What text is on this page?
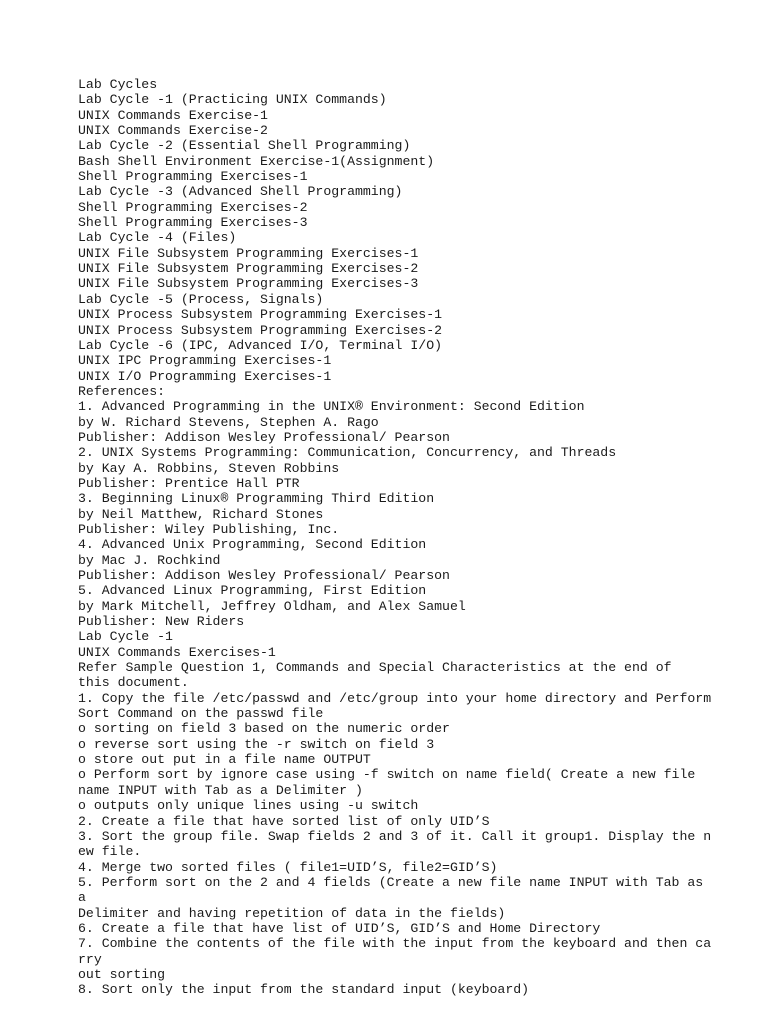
Lab Cycles
Lab Cycle -1 (Practicing UNIX Commands)
UNIX Commands Exercise-1
UNIX Commands Exercise-2
Lab Cycle -2 (Essential Shell Programming)
Bash Shell Environment Exercise-1(Assignment)
Shell Programming Exercises-1
Lab Cycle -3 (Advanced Shell Programming)
Shell Programming Exercises-2
Shell Programming Exercises-3
Lab Cycle -4 (Files)
UNIX File Subsystem Programming Exercises-1
UNIX File Subsystem Programming Exercises-2
UNIX File Subsystem Programming Exercises-3
Lab Cycle -5 (Process, Signals)
UNIX Process Subsystem Programming Exercises-1
UNIX Process Subsystem Programming Exercises-2
Lab Cycle -6 (IPC, Advanced I/O, Terminal I/O)
UNIX IPC Programming Exercises-1
UNIX I/O Programming Exercises-1
References:
1. Advanced Programming in the UNIX® Environment: Second Edition
by W. Richard Stevens, Stephen A. Rago
Publisher: Addison Wesley Professional/ Pearson
2. UNIX Systems Programming: Communication, Concurrency, and Threads
by Kay A. Robbins, Steven Robbins
Publisher: Prentice Hall PTR
3. Beginning Linux® Programming Third Edition
by Neil Matthew, Richard Stones
Publisher: Wiley Publishing, Inc.
4. Advanced Unix Programming, Second Edition
by Mac J. Rochkind
Publisher: Addison Wesley Professional/ Pearson
5. Advanced Linux Programming, First Edition
by Mark Mitchell, Jeffrey Oldham, and Alex Samuel
Publisher: New Riders
Lab Cycle -1
UNIX Commands Exercises-1
Refer Sample Question 1, Commands and Special Characteristics at the end of
this document.
1. Copy the file /etc/passwd and /etc/group into your home directory and Perform
Sort Command on the passwd file
o sorting on field 3 based on the numeric order
o reverse sort using the -r switch on field 3
o store out put in a file name OUTPUT
o Perform sort by ignore case using -f switch on name field( Create a new file
name INPUT with Tab as a Delimiter )
o outputs only unique lines using -u switch
2. Create a file that have sorted list of only UID’S
3. Sort the group file. Swap fields 2 and 3 of it. Call it group1. Display the n
ew file.
4. Merge two sorted files ( file1=UID’S, file2=GID’S)
5. Perform sort on the 2 and 4 fields (Create a new file name INPUT with Tab as
a
Delimiter and having repetition of data in the fields)
6. Create a file that have list of UID’S, GID’S and Home Directory
7. Combine the contents of the file with the input from the keyboard and then ca
rry
out sorting
8. Sort only the input from the standard input (keyboard)
